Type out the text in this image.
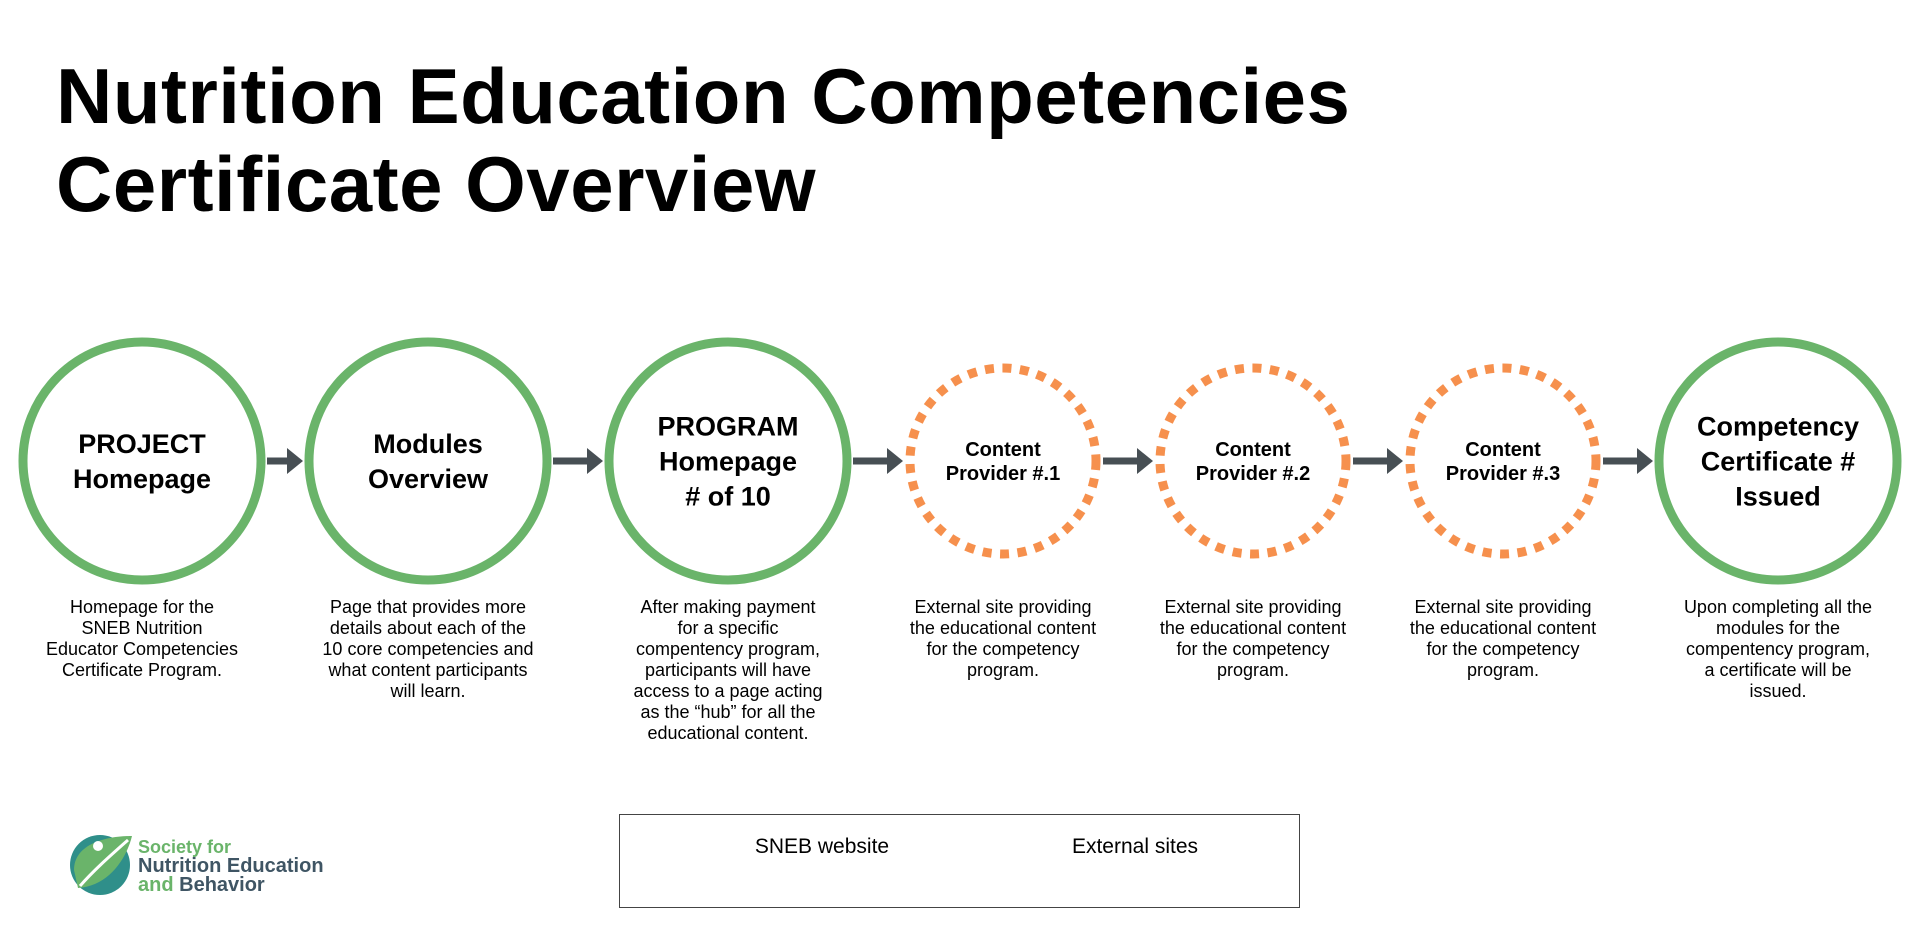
Nutrition Education Competencies
Certificate Overview
PROJECT
Homepage
Modules
Overview
PROGRAM
Homepage
# of 10
Content
Provider #.1
Content
Provider #.2
Content
Provider #.3
Competency
Certificate #
Issued
Homepage for the
SNEB Nutrition
Educator Competencies
Certificate Program.
Page that provides more
details about each of the
10 core competencies and
what content participants
will learn.
After making payment
for a specific
compentency program,
participants will have
access to a page acting
as the “hub” for all the
educational content.
External site providing
the educational content
for the competency
program.
External site providing
the educational content
for the competency
program.
External site providing
the educational content
for the competency
program.
Upon completing all the
modules for the
compentency program,
a certificate will be
issued.
Society for
Nutrition Education
and Behavior
SNEB website	External sites
